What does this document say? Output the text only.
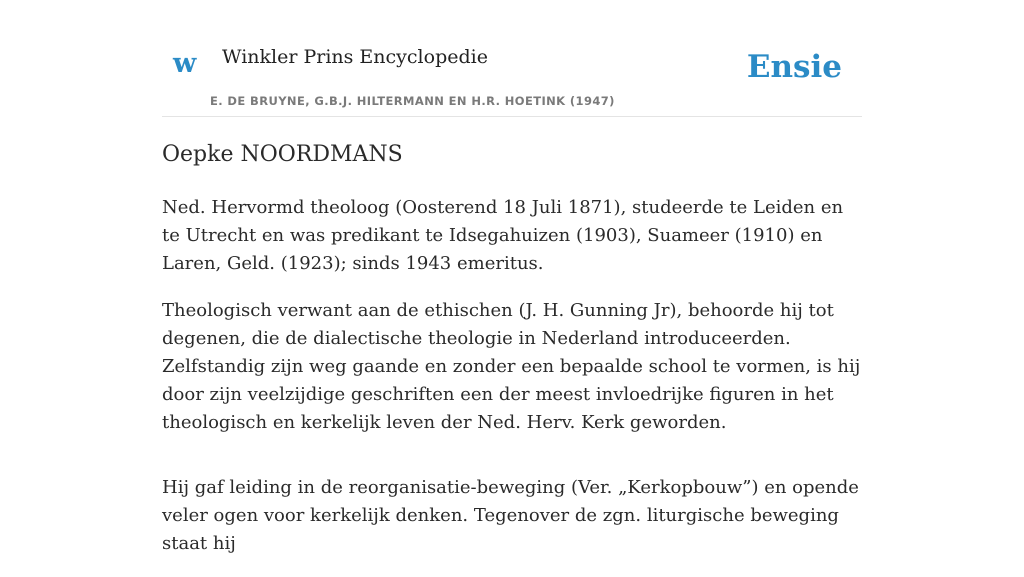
w Winkler Prins Encyclopedie
E. DE BRUYNE, G.B.J. HILTERMANN EN H.R. HOETINK (1947)
Ensie
Oepke NOORDMANS

Ned. Hervormd theoloog (Oosterend 18 Juli 1871), studeerde te Leiden en te Utrecht en was predikant te Idsegahuizen (1903), Suameer (1910) en Laren, Geld. (1923); sinds 1943 emeritus.

Theologisch verwant aan de ethischen (J. H. Gunning Jr), behoorde hij tot degenen, die de dialectische theologie in Nederland introduceerden. Zelfstandig zijn weg gaande en zonder een bepaalde school te vormen, is hij door zijn veelzijdige geschriften een der meest invloedrijke figuren in het theologisch en kerkelijk leven der Ned. Herv. Kerk geworden.

Hij gaf leiding in de reorganisatie-beweging (Ver. „Kerkopbouw”) en opende veler ogen voor kerkelijk denken. Tegenover de zgn. liturgische beweging staat hij
